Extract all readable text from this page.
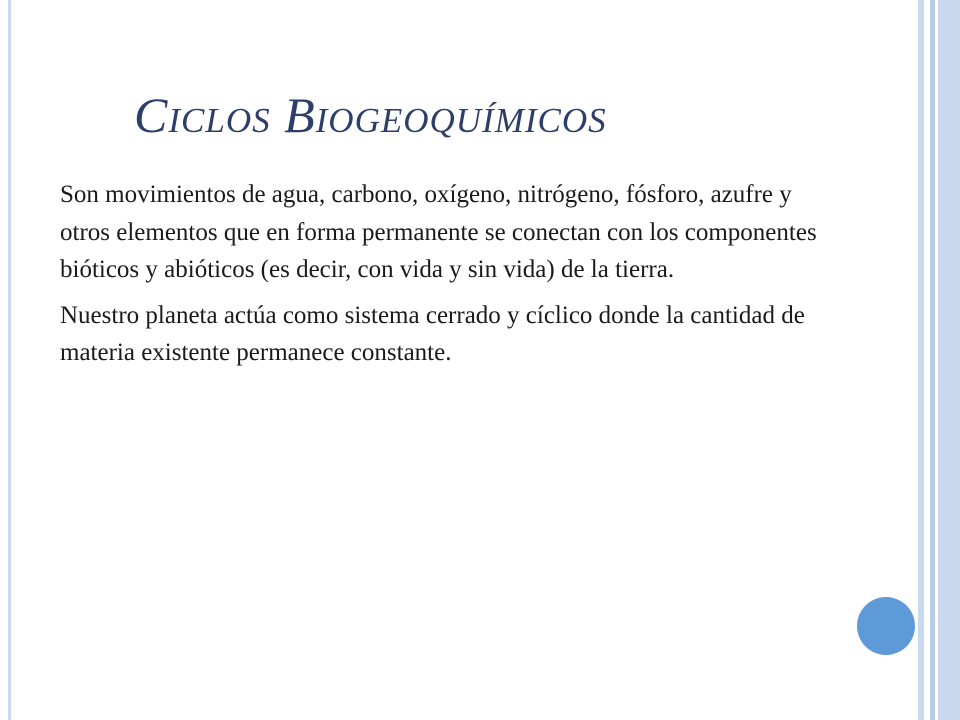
Ciclos Biogeoquímicos

Son movimientos de agua, carbono, oxígeno, nitrógeno, fósforo, azufre y otros elementos que en forma permanente se conectan con los componentes bióticos y abióticos (es decir, con vida y sin vida) de la tierra.

Nuestro planeta actúa como sistema cerrado y cíclico donde la cantidad de materia existente permanece constante.
